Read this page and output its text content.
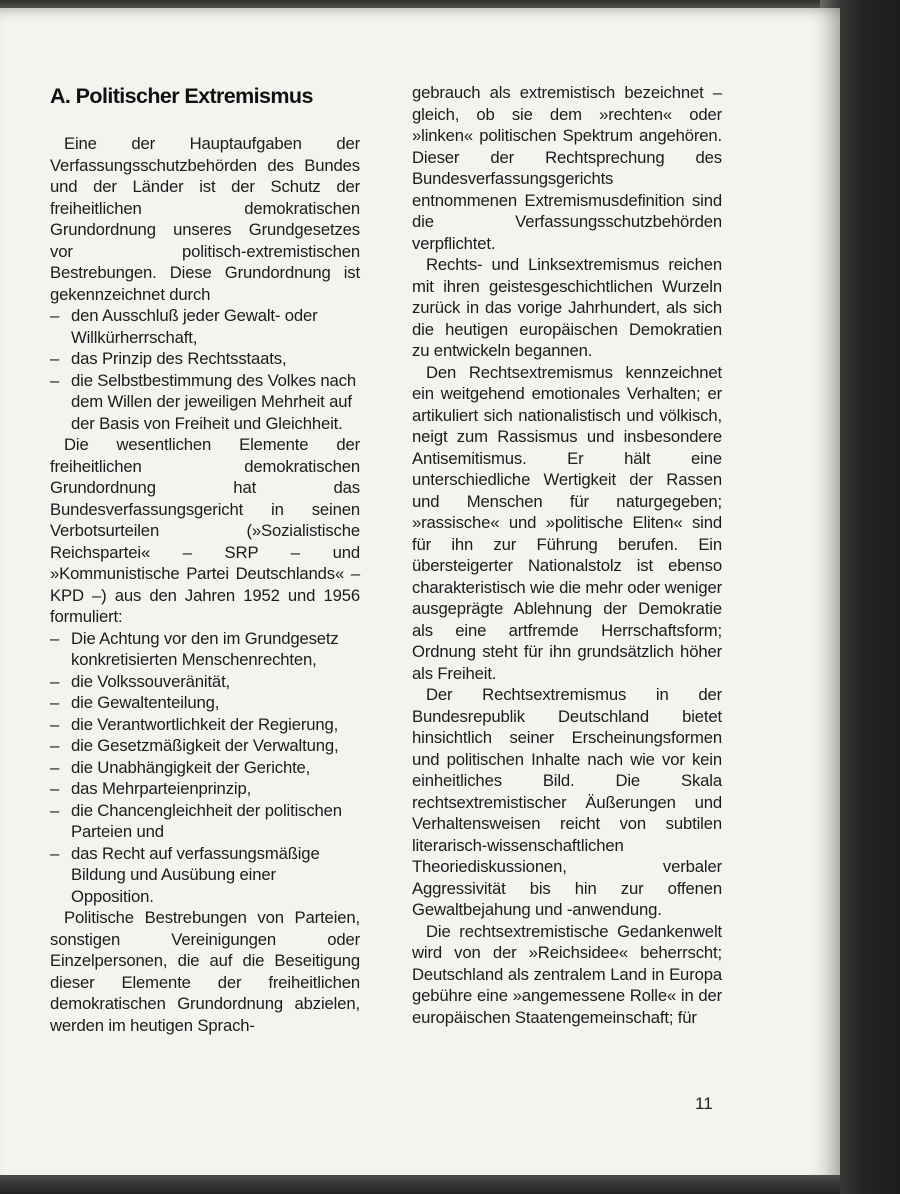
A. Politischer Extremismus

Eine der Hauptaufgaben der Verfassungsschutzbehörden des Bundes und der Länder ist der Schutz der freiheitlichen demokratischen Grundordnung unseres Grundgesetzes vor politisch-extremistischen Bestrebungen. Diese Grundordnung ist gekennzeichnet durch

– den Ausschluß jeder Gewalt- oder Willkürherrschaft,
– das Prinzip des Rechtsstaats,
– die Selbstbestimmung des Volkes nach dem Willen der jeweiligen Mehrheit auf der Basis von Freiheit und Gleichheit.

Die wesentlichen Elemente der freiheitlichen demokratischen Grundordnung hat das Bundesverfassungsgericht in seinen Verbotsurteilen (»Sozialistische Reichspartei« – SRP – und »Kommunistische Partei Deutschlands« – KPD –) aus den Jahren 1952 und 1956 formuliert:

– Die Achtung vor den im Grundgesetz konkretisierten Menschenrechten,
– die Volkssouveränität,
– die Gewaltenteilung,
– die Verantwortlichkeit der Regierung,
– die Gesetzmäßigkeit der Verwaltung,
– die Unabhängigkeit der Gerichte,
– das Mehrparteienprinzip,
– die Chancengleichheit der politischen Parteien und
– das Recht auf verfassungsmäßige Bildung und Ausübung einer Opposition.

Politische Bestrebungen von Parteien, sonstigen Vereinigungen oder Einzelpersonen, die auf die Beseitigung dieser Elemente der freiheitlichen demokratischen Grundordnung abzielen, werden im heutigen Sprach-

gebrauch als extremistisch bezeichnet – gleich, ob sie dem »rechten« oder »linken« politischen Spektrum angehören. Dieser der Rechtsprechung des Bundesverfassungsgerichts entnommenen Extremismusdefinition sind die Verfassungsschutzbehörden verpflichtet.

Rechts- und Linksextremismus reichen mit ihren geistesgeschichtlichen Wurzeln zurück in das vorige Jahrhundert, als sich die heutigen europäischen Demokratien zu entwickeln begannen.

Den Rechtsextremismus kennzeichnet ein weitgehend emotionales Verhalten; er artikuliert sich nationalistisch und völkisch, neigt zum Rassismus und insbesondere Antisemitismus. Er hält eine unterschiedliche Wertigkeit der Rassen und Menschen für naturgegeben; »rassische« und »politische Eliten« sind für ihn zur Führung berufen. Ein übersteigerter Nationalstolz ist ebenso charakteristisch wie die mehr oder weniger ausgeprägte Ablehnung der Demokratie als eine artfremde Herrschaftsform; Ordnung steht für ihn grundsätzlich höher als Freiheit.

Der Rechtsextremismus in der Bundesrepublik Deutschland bietet hinsichtlich seiner Erscheinungsformen und politischen Inhalte nach wie vor kein einheitliches Bild. Die Skala rechtsextremistischer Äußerungen und Verhaltensweisen reicht von subtilen literarisch-wissenschaftlichen Theoriediskussionen, verbaler Aggressivität bis hin zur offenen Gewaltbejahung und -anwendung.

Die rechtsextremistische Gedankenwelt wird von der »Reichsidee« beherrscht; Deutschland als zentralem Land in Europa gebühre eine »angemessene Rolle« in der europäischen Staatengemeinschaft; für

11
